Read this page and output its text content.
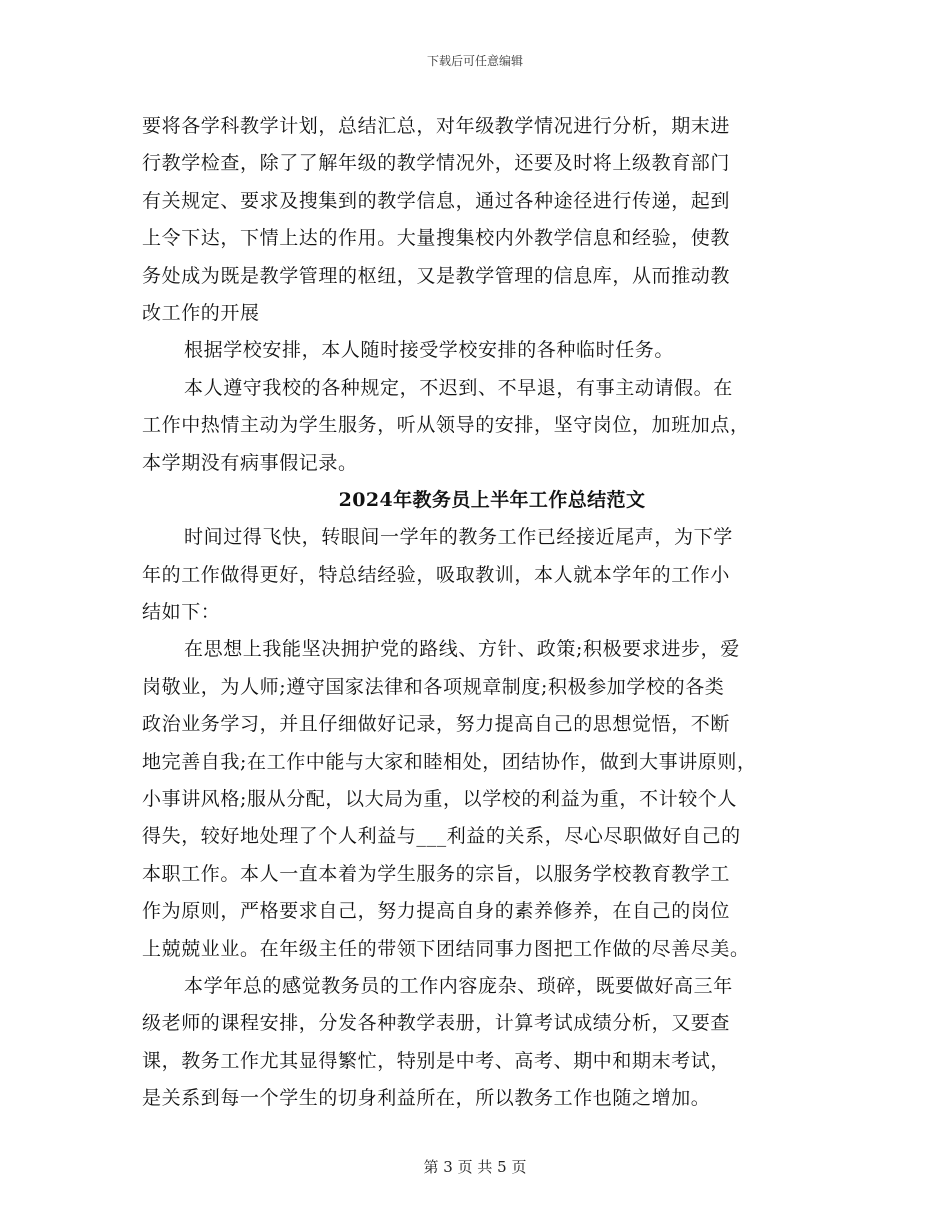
下载后可任意编辑
要将各学科教学计划，总结汇总，对年级教学情况进行分析，期末进
行教学检查，除了了解年级的教学情况外，还要及时将上级教育部门
有关规定、要求及搜集到的教学信息，通过各种途径进行传递，起到
上令下达，下情上达的作用。大量搜集校内外教学信息和经验，使教
务处成为既是教学管理的枢纽，又是教学管理的信息库，从而推动教
改工作的开展
根据学校安排，本人随时接受学校安排的各种临时任务。
本人遵守我校的各种规定，不迟到、不早退，有事主动请假。在
工作中热情主动为学生服务，听从领导的安排，坚守岗位，加班加点，
本学期没有病事假记录。
2024年教务员上半年工作总结范文
时间过得飞快，转眼间一学年的教务工作已经接近尾声，为下学
年的工作做得更好，特总结经验，吸取教训，本人就本学年的工作小
结如下：
在思想上我能坚决拥护党的路线、方针、政策;积极要求进步，爱
岗敬业，为人师;遵守国家法律和各项规章制度;积极参加学校的各类
政治业务学习，并且仔细做好记录，努力提高自己的思想觉悟，不断
地完善自我;在工作中能与大家和睦相处，团结协作，做到大事讲原则，
小事讲风格;服从分配，以大局为重，以学校的利益为重，不计较个人
得失，较好地处理了个人利益与___利益的关系，尽心尽职做好自己的
本职工作。本人一直本着为学生服务的宗旨，以服务学校教育教学工
作为原则，严格要求自己，努力提高自身的素养修养，在自己的岗位
上兢兢业业。在年级主任的带领下团结同事力图把工作做的尽善尽美。
本学年总的感觉教务员的工作内容庞杂、琐碎，既要做好高三年
级老师的课程安排，分发各种教学表册，计算考试成绩分析，又要查
课，教务工作尤其显得繁忙，特别是中考、高考、期中和期末考试，
是关系到每一个学生的切身利益所在，所以教务工作也随之增加。
第 3 页 共 5 页
